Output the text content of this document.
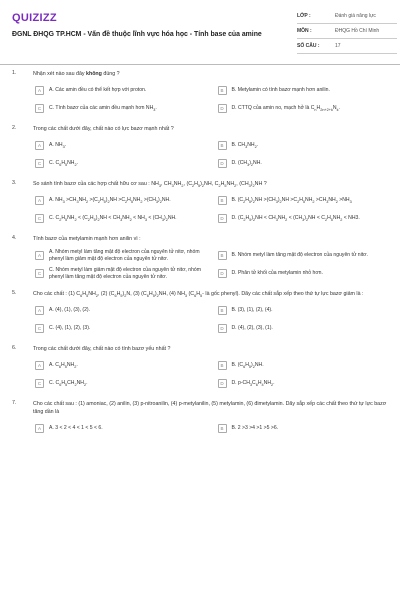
QUIZIZZ
ĐGNL ĐHQG TP.HCM - Vấn đề thuộc lĩnh vực hóa học - Tính base của amine
LỚP :	Đánh giá năng lực
MÔN :	ĐHQG Hồ Chí Minh
SỐ CÂU :	17
1.	Nhận xét nào sau đây không đúng ?
A	A. Các amin đều có thể kết hợp với proton.	B	B. Metylamin có tính bazơ mạnh hơn anilin.
C	C. Tính bazơ của các amin đều mạnh hơn $NH_3$.	D	D. CTTQ của amin no, mạch hở là $C_nH_{2n+2+k}N_k$.
2.	Trong các chất dưới đây, chất nào có lực bazơ mạnh nhất ?
A	A. $NH_3$.	B	B. $CH_3NH_2$.
C	C. $C_6H_5NH_2$.	D	D. $(CH_3)_2NH$.
3.	So sánh tính bazơ của các hợp chất hữu cơ sau : $NH_3$, $CH_3NH_2$, $(C_2H_5)_2NH$, $C_2H_5NH_2$, $(CH_3)_2NH$ ?
A	A. $NH_3 >CH_3NH_2 >(C_2H_5)_2NH >C_2H_5NH_2 >(CH_3)_2NH$.	B	B. $(C_2H_5)_2NH >(CH_3)_2NH >C_2H_5NH_2 >CH_3NH_2 >NH_3$
C	C. $C_2H_5NH_2 < (C_2H_5)_2NH < CH_3NH_2 < NH_3 < (CH_3)_2NH$.	D	D. $(C_2H_5)_2NH < CH_3NH_2 < (CH_3)_2NH < C_2H_5NH_2 < NH3$.
4.	Tính bazơ của metylamin mạnh hơn anilin vì :
A
A. Nhóm metyl làm tăng mật độ electron của nguyên tử nitơ, nhóm phenyl làm giảm mật độ electron của nguyên tử nitơ.	B	B. Nhóm metyl làm tăng mật độ electron của nguyên tử nitơ.
C
C. Nhóm metyl làm giảm mật độ electron của nguyên tử nitơ, nhóm phenyl làm tăng mật độ electron của nguyên tử nitơ.	D	D. Phân tử khối của metylamin nhỏ hơn.
5.	Cho các chất : (1) $C_6H_5NH_2$, (2) $(C_6H_5)_2N$, (3) $(C_6H_5)_2NH$, (4) $NH_3$ ($C_6H_5-$ là gốc phenyl). Dãy các chất sắp xếp theo thứ tự lực bazơ giảm là :
A	A. (4), (1), (3), (2).	B	B. (3), (1), (2), (4).
C	C. (4), (1), (2), (3).	D	D. (4), (2), (3), (1).
6.	Trong các chất dưới đây, chất nào có tính bazơ yếu nhất ?
A	A. $C_6H_5NH_2$.	B	B. $(C_6H_5)_2NH$.
C	C. $C_6H_5CH_2NH_2$.	D	D. $p-CH_3C_6H_4NH_2$.
7.	Cho các chất sau : (1) amoniac, (2) anilin, (3) p-nitroanilin, (4) p-metylanilin, (5) metylamin, (6) đimetylamin. Dãy sắp xếp các chất theo thứ tự lực bazơ tăng dần là
A	A. 3 < 2 < 4 < 1 < 5 < 6.	B	B. 2 >3 >4 >1 >5 >6.
